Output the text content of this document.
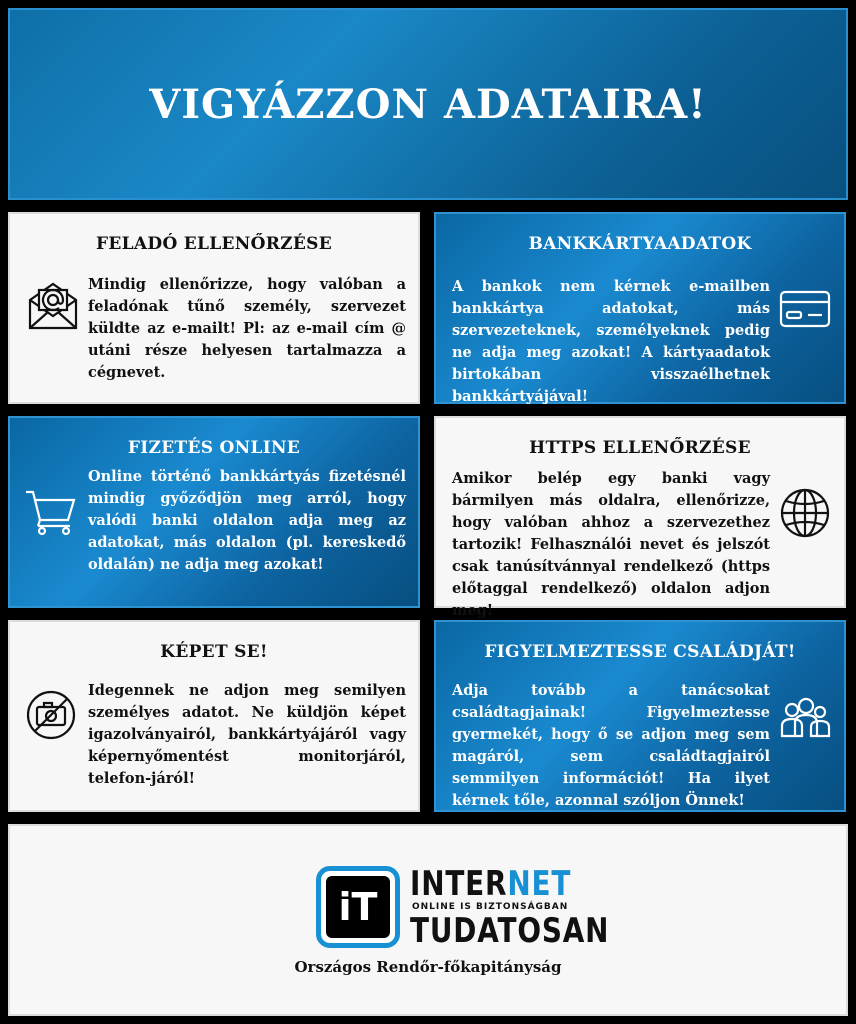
VIGYÁZZON ADATAIRA!
FELADÓ ELLENŐRZÉSE

Mindig ellenőrizze, hogy valóban a feladónak tűnő személy, szervezet küldte az e-mailt! Pl: az e-mail cím @ utáni része helyesen tartalmazza a cégnevet.

BANKKÁRTYAADATOK

A bankok nem kérnek e-mailben bankkártya adatokat, más szervezeteknek, személyeknek pedig ne adja meg azokat! A kártyaadatok birtokában visszaélhetnek bankkártyájával!

FIZETÉS ONLINE

Online történő bankkártyás fizetésnél mindig győződjön meg arról, hogy valódi banki oldalon adja meg az adatokat, más oldalon (pl. kereskedő oldalán) ne adja meg azokat!

HTTPS ELLENŐRZÉSE

Amikor belép egy banki vagy bármilyen más oldalra, ellenőrizze, hogy valóban ahhoz a szervezethez tartozik! Felhasználói nevet és jelszót csak tanúsítvánnyal rendelkező (https előtaggal rendelkező) oldalon adjon meg!

KÉPET SE!

Idegennek ne adjon meg semilyen személyes adatot. Ne küldjön képet igazolványairól, bankkártyájáról vagy képernyőmentést monitorjáról, telefon-járól!

FIGYELMEZTESSE CSALÁDJÁT!

Adja tovább a tanácsokat családtagjainak! Figyelmeztesse gyermekét, hogy ő se adjon meg sem magáról, sem családtagjairól semmilyen információt! Ha ilyet kérnek tőle, azonnal szóljon Önnek!

iT
INTERNET
ONLINE IS BIZTONSÁGBAN
TUDATOSAN
Országos Rendőr-főkapitányság
